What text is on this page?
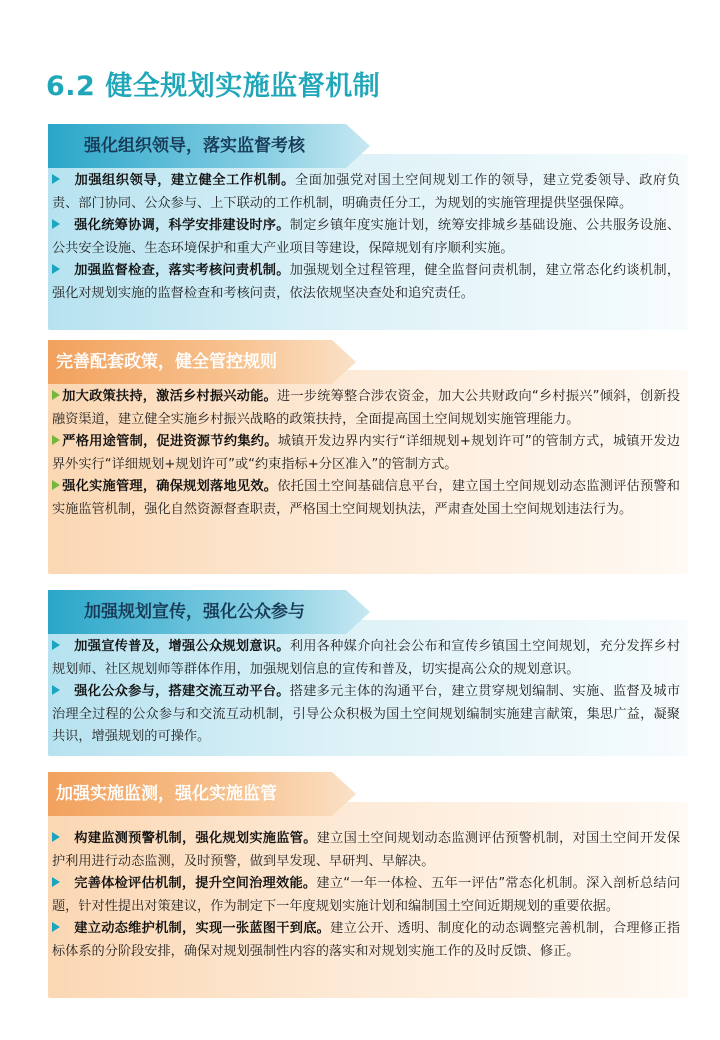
6.2 健全规划实施监督机制
强化组织领导，落实监督考核

加强组织领导，建立健全工作机制。全面加强党对国土空间规划工作的领导，建立党委领导、政府负责、部门协同、公众参与、上下联动的工作机制，明确责任分工，为规划的实施管理提供坚强保障。

强化统筹协调，科学安排建设时序。制定乡镇年度实施计划，统筹安排城乡基础设施、公共服务设施、公共安全设施、生态环境保护和重大产业项目等建设，保障规划有序顺利实施。

加强监督检查，落实考核问责机制。加强规划全过程管理，健全监督问责机制，建立常态化约谈机制，强化对规划实施的监督检查和考核问责，依法依规坚决查处和追究责任。

完善配套政策，健全管控规则

加大政策扶持，激活乡村振兴动能。进一步统筹整合涉农资金，加大公共财政向“乡村振兴”倾斜，创新投融资渠道，建立健全实施乡村振兴战略的政策扶持，全面提高国土空间规划实施管理能力。

严格用途管制，促进资源节约集约。城镇开发边界内实行“详细规划+规划许可”的管制方式，城镇开发边界外实行“详细规划+规划许可”或“约束指标+分区准入”的管制方式。

强化实施管理，确保规划落地见效。依托国土空间基础信息平台，建立国土空间规划动态监测评估预警和实施监管机制，强化自然资源督查职责，严格国土空间规划执法，严肃查处国土空间规划违法行为。

加强规划宣传，强化公众参与

加强宣传普及，增强公众规划意识。利用各种媒介向社会公布和宣传乡镇国土空间规划，充分发挥乡村规划师、社区规划师等群体作用，加强规划信息的宣传和普及，切实提高公众的规划意识。

强化公众参与，搭建交流互动平台。搭建多元主体的沟通平台，建立贯穿规划编制、实施、监督及城市治理全过程的公众参与和交流互动机制，引导公众积极为国土空间规划编制实施建言献策，集思广益，凝聚共识，增强规划的可操作。

加强实施监测，强化实施监管

构建监测预警机制，强化规划实施监管。建立国土空间规划动态监测评估预警机制，对国土空间开发保护利用进行动态监测，及时预警，做到早发现、早研判、早解决。

完善体检评估机制，提升空间治理效能。建立“一年一体检、五年一评估”常态化机制。深入剖析总结问题，针对性提出对策建议，作为制定下一年度规划实施计划和编制国土空间近期规划的重要依据。

建立动态维护机制，实现一张蓝图干到底。建立公开、透明、制度化的动态调整完善机制，合理修正指标体系的分阶段安排，确保对规划强制性内容的落实和对规划实施工作的及时反馈、修正。
